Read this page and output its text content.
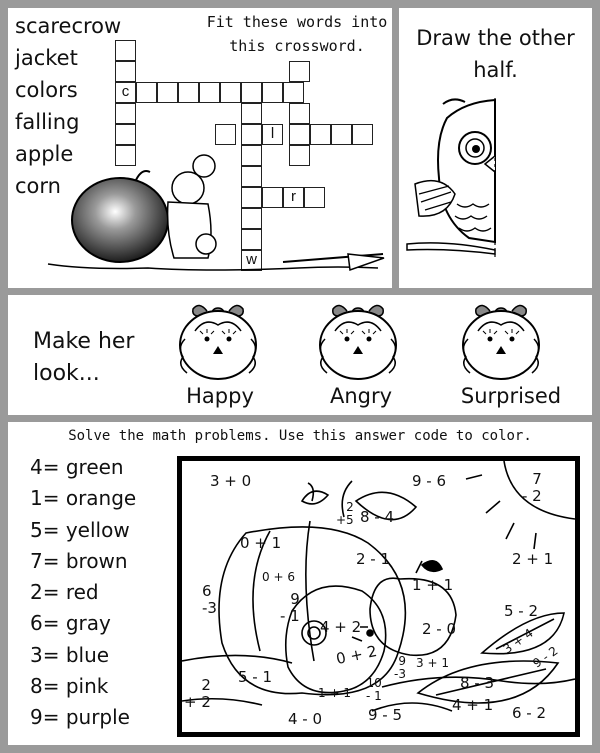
scarecrow
jacket
colors
falling
apple
corn
Fit these words into this crossword.
c
w
l
r
Draw the other half.
Make her look...
Happy	Angry	Surprised
Solve the math problems. Use this answer code to color.
4= green
1= orange
5= yellow
7= brown
2= red
6= gray
3= blue
8= pink
9= purple
3 + 0	9 - 6	7
- 2
2
+5 8 - 4
0 + 1
2 - 1	2 + 1
0 + 6
6
-3
1 + 1
9
- 1	5 - 2
4 + 2	2 - 0	3 + 4
9 - 2
0 + 2	9
-3
3 + 1
5 - 1
2
+ 2	1 + 1
10
- 1
8 - 3
4 + 1 6 - 2
4 - 0	9 - 5
